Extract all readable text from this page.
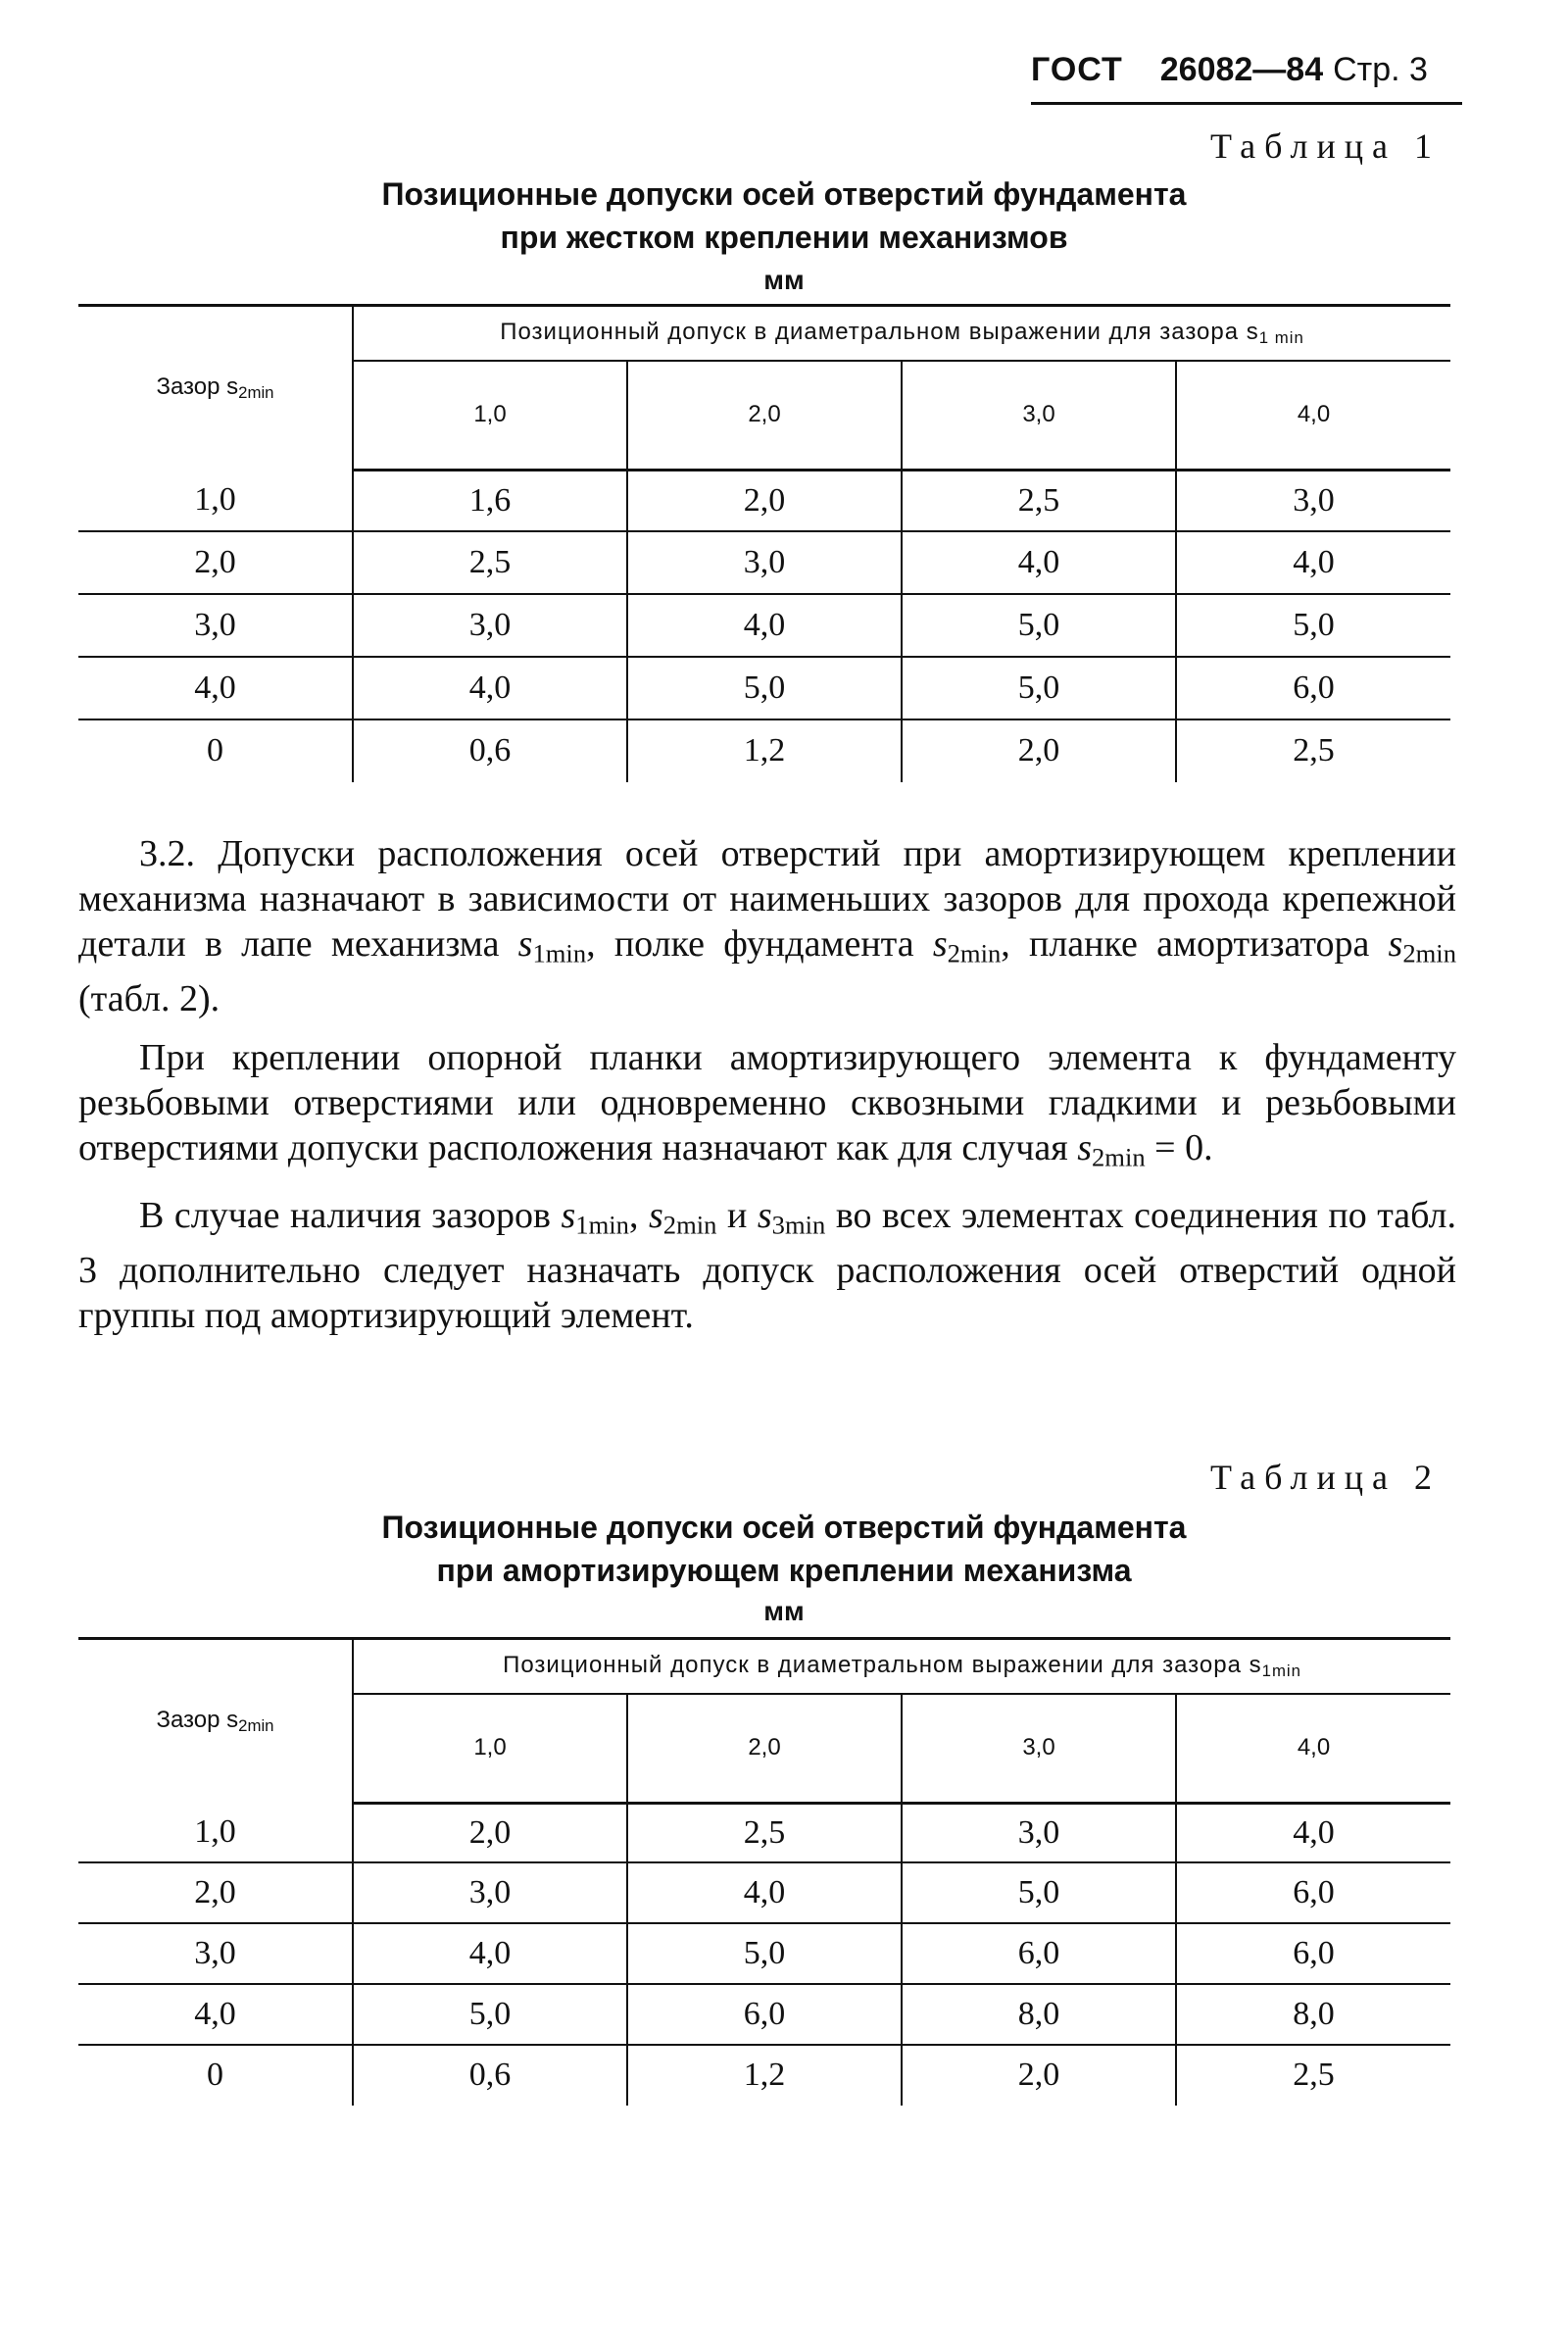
ГОСТ 26082—84 Стр. 3
Таблица 1
Позиционные допуски осей отверстий фундамента
при жестком креплении механизмов
мм
Зазор $s_{2min}$	Позиционный допуск в диаметральном выражении для зазора $s_{1 min}$
	1,0	2,0	3,0	4,0
1,0	1,6	2,0	2,5	3,0
2,0	2,5	3,0	4,0	4,0
3,0	3,0	4,0	5,0	5,0
4,0	4,0	5,0	5,0	6,0
0	0,6	1,2	2,0	2,5

3.2. Допуски расположения осей отверстий при амортизирующем креплении механизма назначают в зависимости от наименьших зазоров для прохода крепежной детали в лапе механизма $s_{1min}$, полке фундамента $s_{2min}$, планке амортизатора $s_{2min}$ (табл. 2).

При креплении опорной планки амортизирующего элемента к фундаменту резьбовыми отверстиями или одновременно сквозными гладкими и резьбовыми отверстиями допуски расположения назначают как для случая $s_{2min} = 0$.

В случае наличия зазоров $s_{1min}$, $s_{2min}$ и $s_{3min}$ во всех элементах соединения по табл. 3 дополнительно следует назначать допуск расположения осей отверстий одной группы под амортизирующий элемент.

Таблица 2
Позиционные допуски осей отверстий фундамента
при амортизирующем креплении механизма
мм
Зазор $s_{2min}$	Позиционный допуск в диаметральном выражении для зазора $s_{1min}$
	1,0	2,0	3,0	4,0
1,0	2,0	2,5	3,0	4,0
2,0	3,0	4,0	5,0	6,0
3,0	4,0	5,0	6,0	6,0
4,0	5,0	6,0	8,0	8,0
0	0,6	1,2	2,0	2,5
